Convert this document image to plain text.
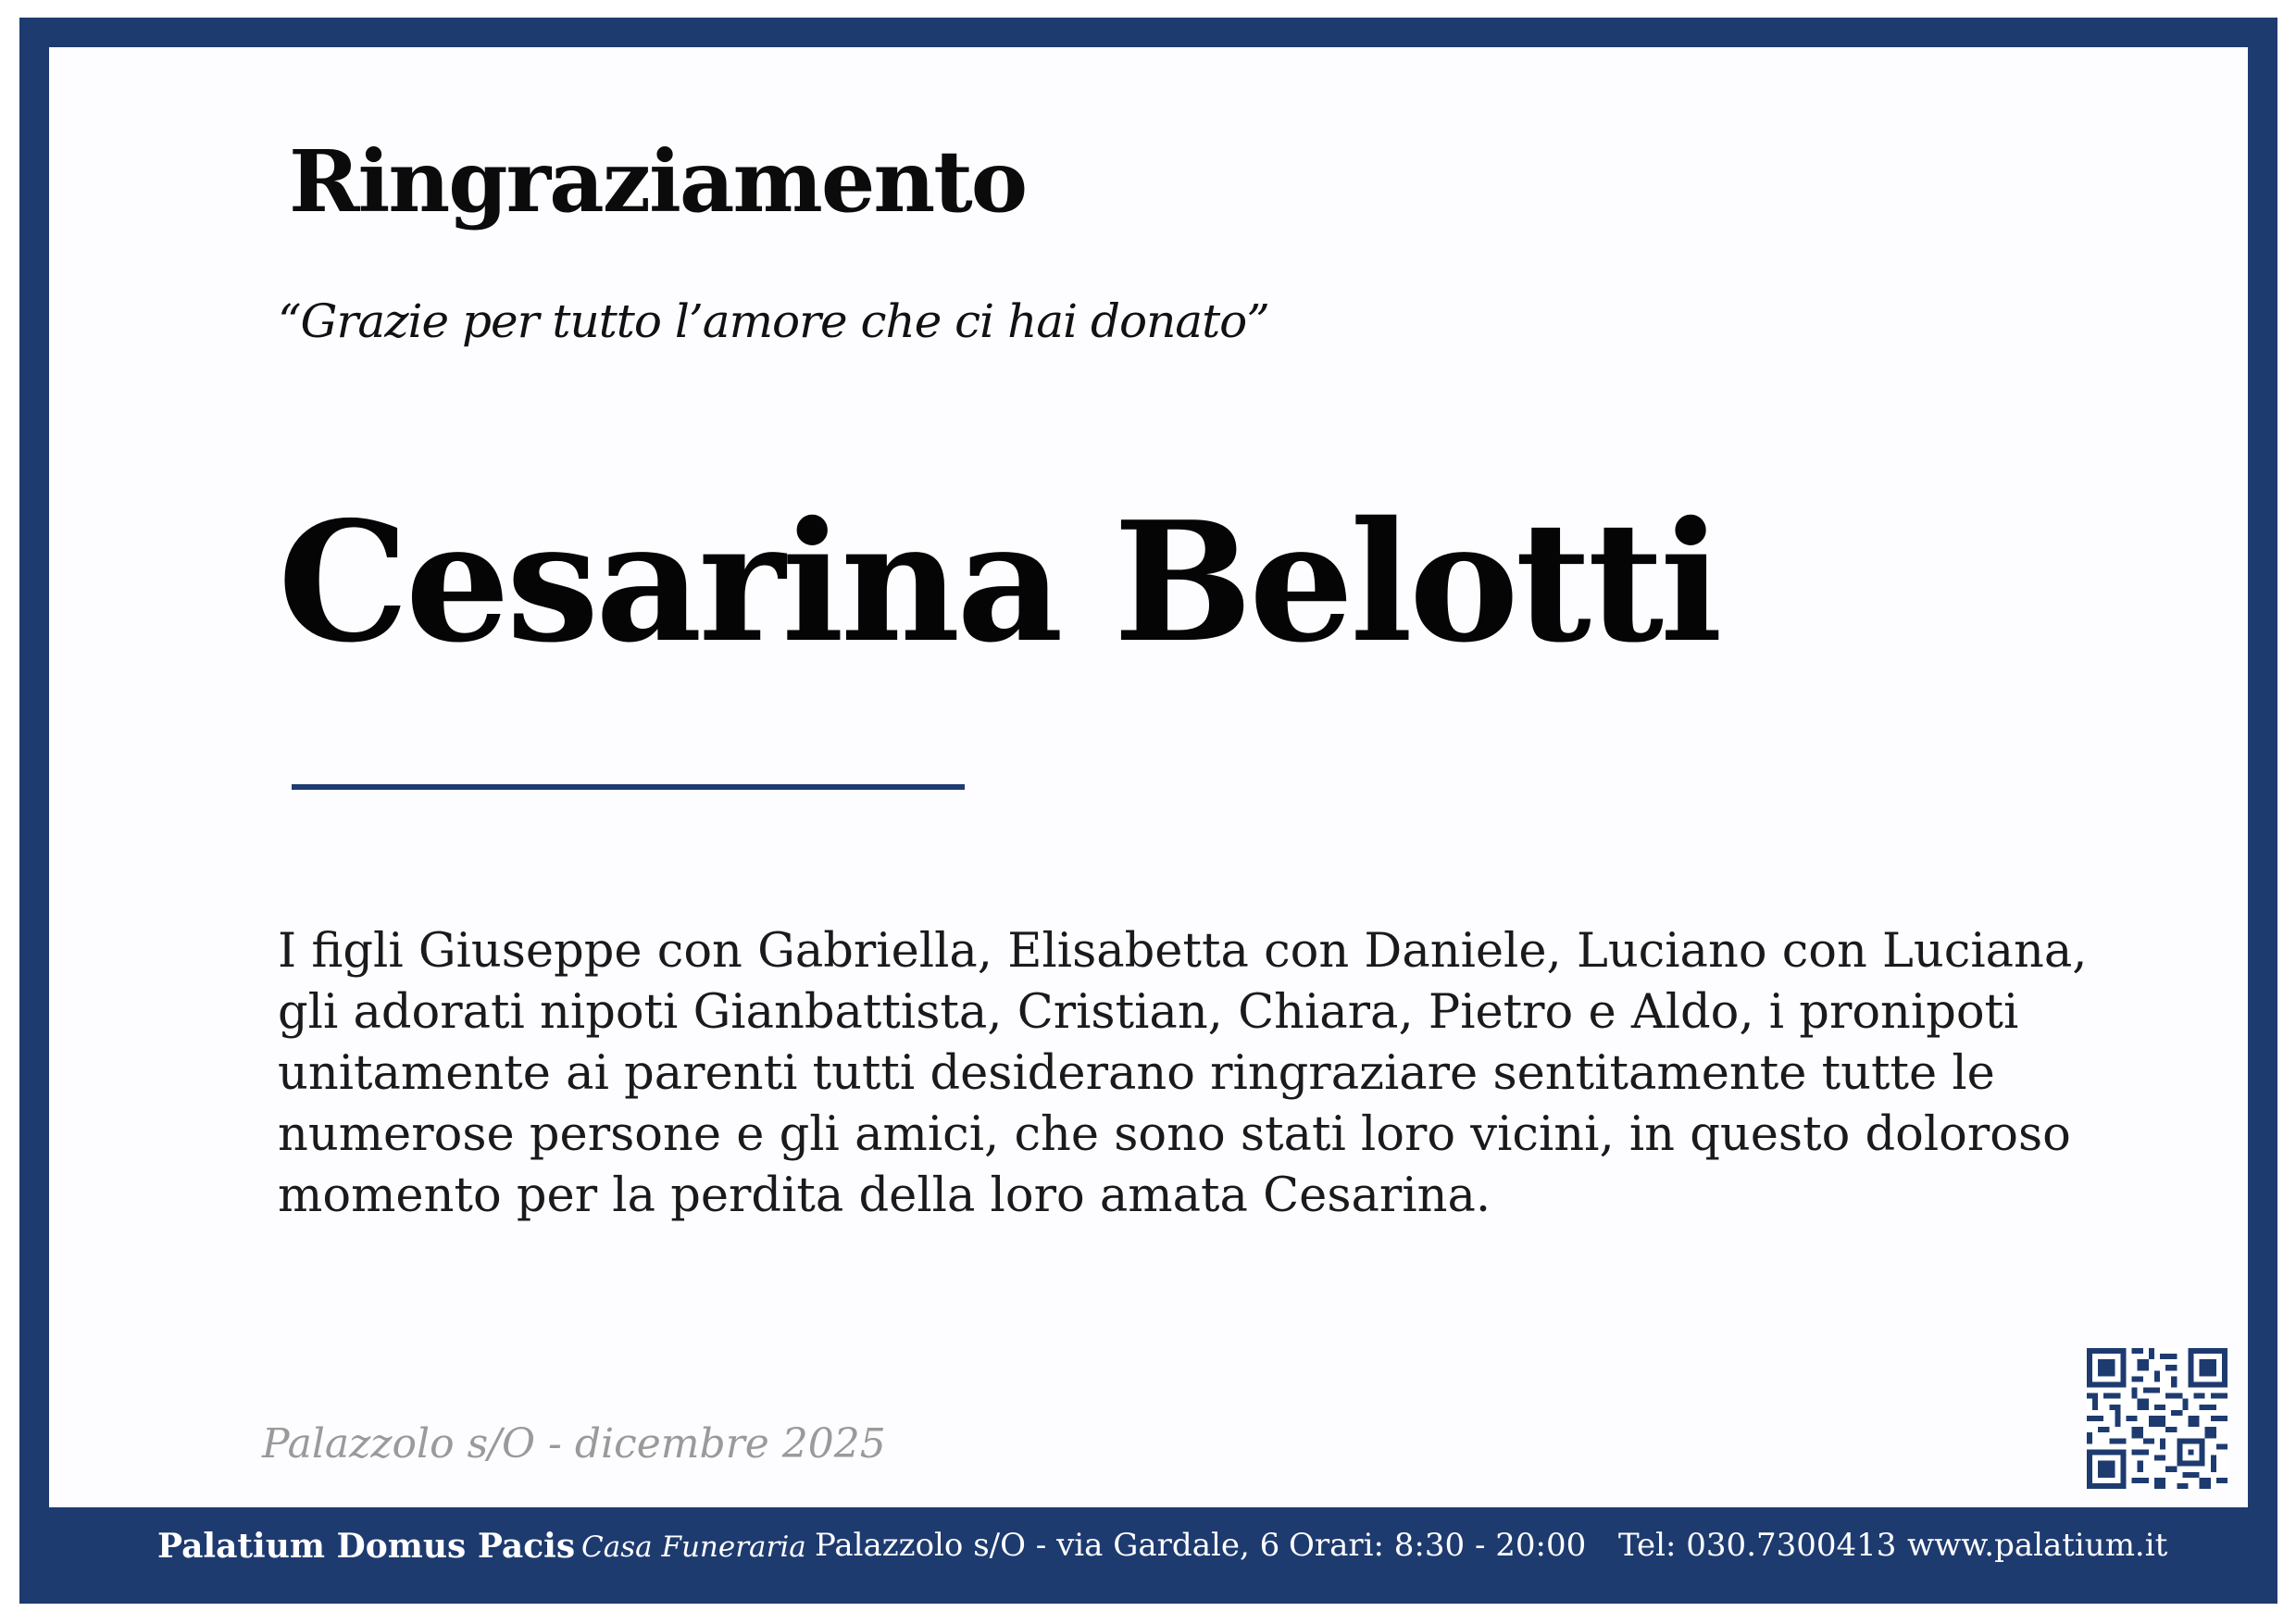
Ringraziamento
“Grazie per tutto l’amore che ci hai donato”
Cesarina Belotti

I figli Giuseppe con Gabriella, Elisabetta con Daniele, Luciano con Luciana,
gli adorati nipoti Gianbattista, Cristian, Chiara, Pietro e Aldo, i pronipoti
unitamente ai parenti tutti desiderano ringraziare sentitamente tutte le
numerose persone e gli amici, che sono stati loro vicini, in questo doloroso
momento per la perdita della loro amata Cesarina.

Palazzolo s/O - dicembre 2025
Palatium Domus Pacis Casa Funeraria Palazzolo s/O - via Gardale, 6 Orari: 8:30 - 20:00 Tel: 030.7300413 www.palatium.it
